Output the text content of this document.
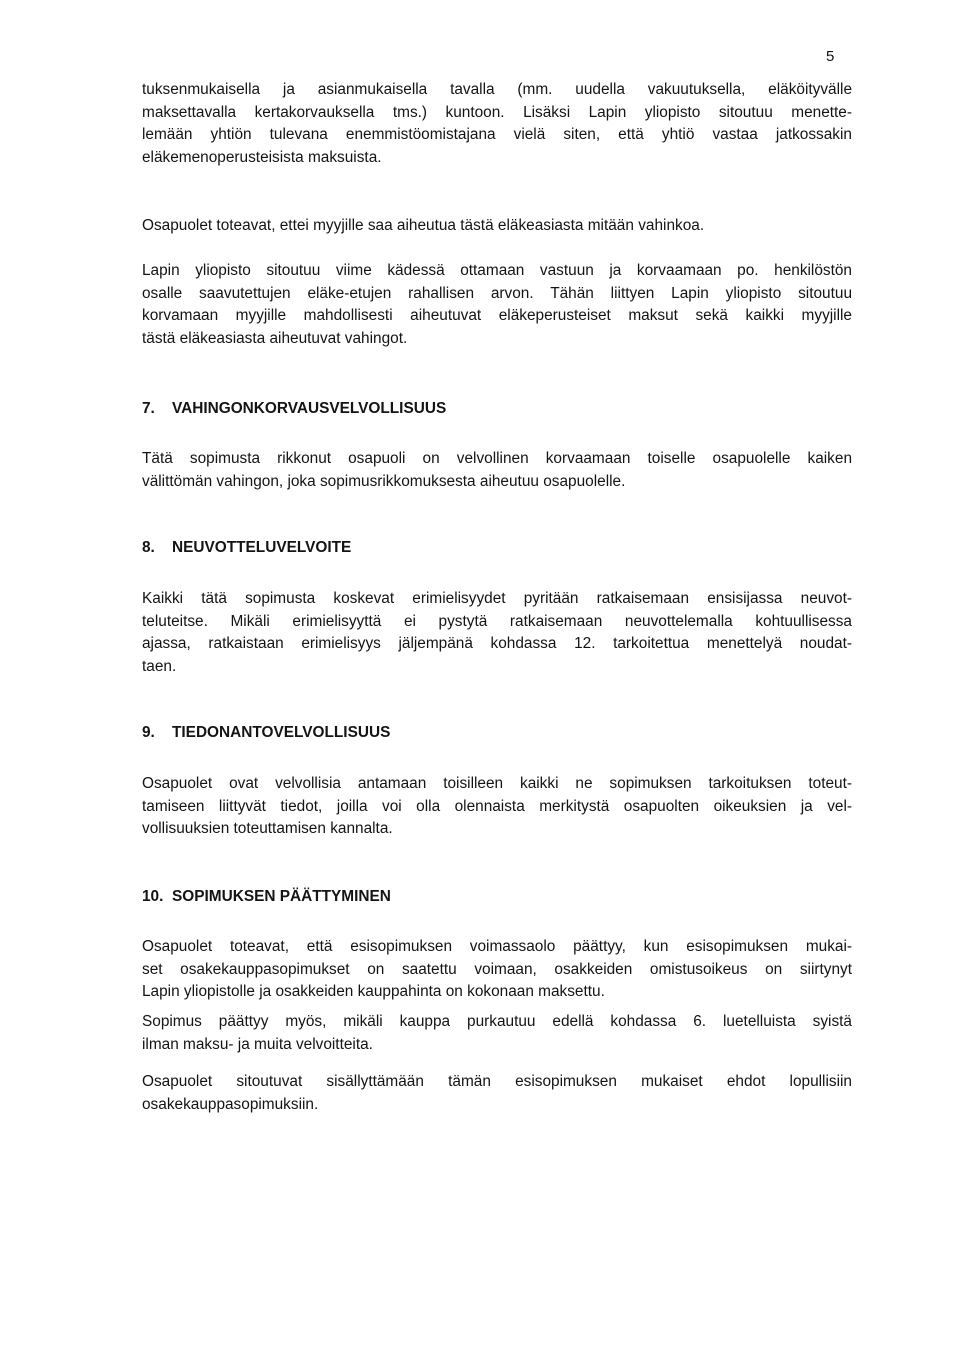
5

tuksenmukaisella ja asianmukaisella tavalla (mm. uudella vakuutuksella, eläköityvälle
maksettavalla kertakorvauksella tms.) kuntoon. Lisäksi Lapin yliopisto sitoutuu menette-
lemään yhtiön tulevana enemmistöomistajana vielä siten, että yhtiö vastaa jatkossakin
eläkemenoperusteisista maksuista.

Osapuolet toteavat, ettei myyjille saa aiheutua tästä eläkeasiasta mitään vahinkoa.

Lapin yliopisto sitoutuu viime kädessä ottamaan vastuun ja korvaamaan po. henkilöstön
osalle saavutettujen eläke-etujen rahallisen arvon. Tähän liittyen Lapin yliopisto sitoutuu
korvamaan myyjille mahdollisesti aiheutuvat eläkeperusteiset maksut sekä kaikki myyjille
tästä eläkeasiasta aiheutuvat vahingot.

7. VAHINGONKORVAUSVELVOLLISUUS

Tätä sopimusta rikkonut osapuoli on velvollinen korvaamaan toiselle osapuolelle kaiken
välittömän vahingon, joka sopimusrikkomuksesta aiheutuu osapuolelle.

8. NEUVOTTELUVELVOITE

Kaikki tätä sopimusta koskevat erimielisyydet pyritään ratkaisemaan ensisijassa neuvot-
teluteitse. Mikäli erimielisyyttä ei pystytä ratkaisemaan neuvottelemalla kohtuullisessa
ajassa, ratkaistaan erimielisyys jäljempänä kohdassa 12. tarkoitettua menettelyä noudat-
taen.

9. TIEDONANTOVELVOLLISUUS

Osapuolet ovat velvollisia antamaan toisilleen kaikki ne sopimuksen tarkoituksen toteut-
tamiseen liittyvät tiedot, joilla voi olla olennaista merkitystä osapuolten oikeuksien ja vel-
vollisuuksien toteuttamisen kannalta.

10. SOPIMUKSEN PÄÄTTYMINEN

Osapuolet toteavat, että esisopimuksen voimassaolo päättyy, kun esisopimuksen mukai-
set osakekauppasopimukset on saatettu voimaan, osakkeiden omistusoikeus on siirtynyt
Lapin yliopistolle ja osakkeiden kauppahinta on kokonaan maksettu.

Sopimus päättyy myös, mikäli kauppa purkautuu edellä kohdassa 6. luetelluista syistä
ilman maksu- ja muita velvoitteita.

Osapuolet sitoutuvat sisällyttämään tämän esisopimuksen mukaiset ehdot lopullisiin
osakekauppasopimuksiin.
